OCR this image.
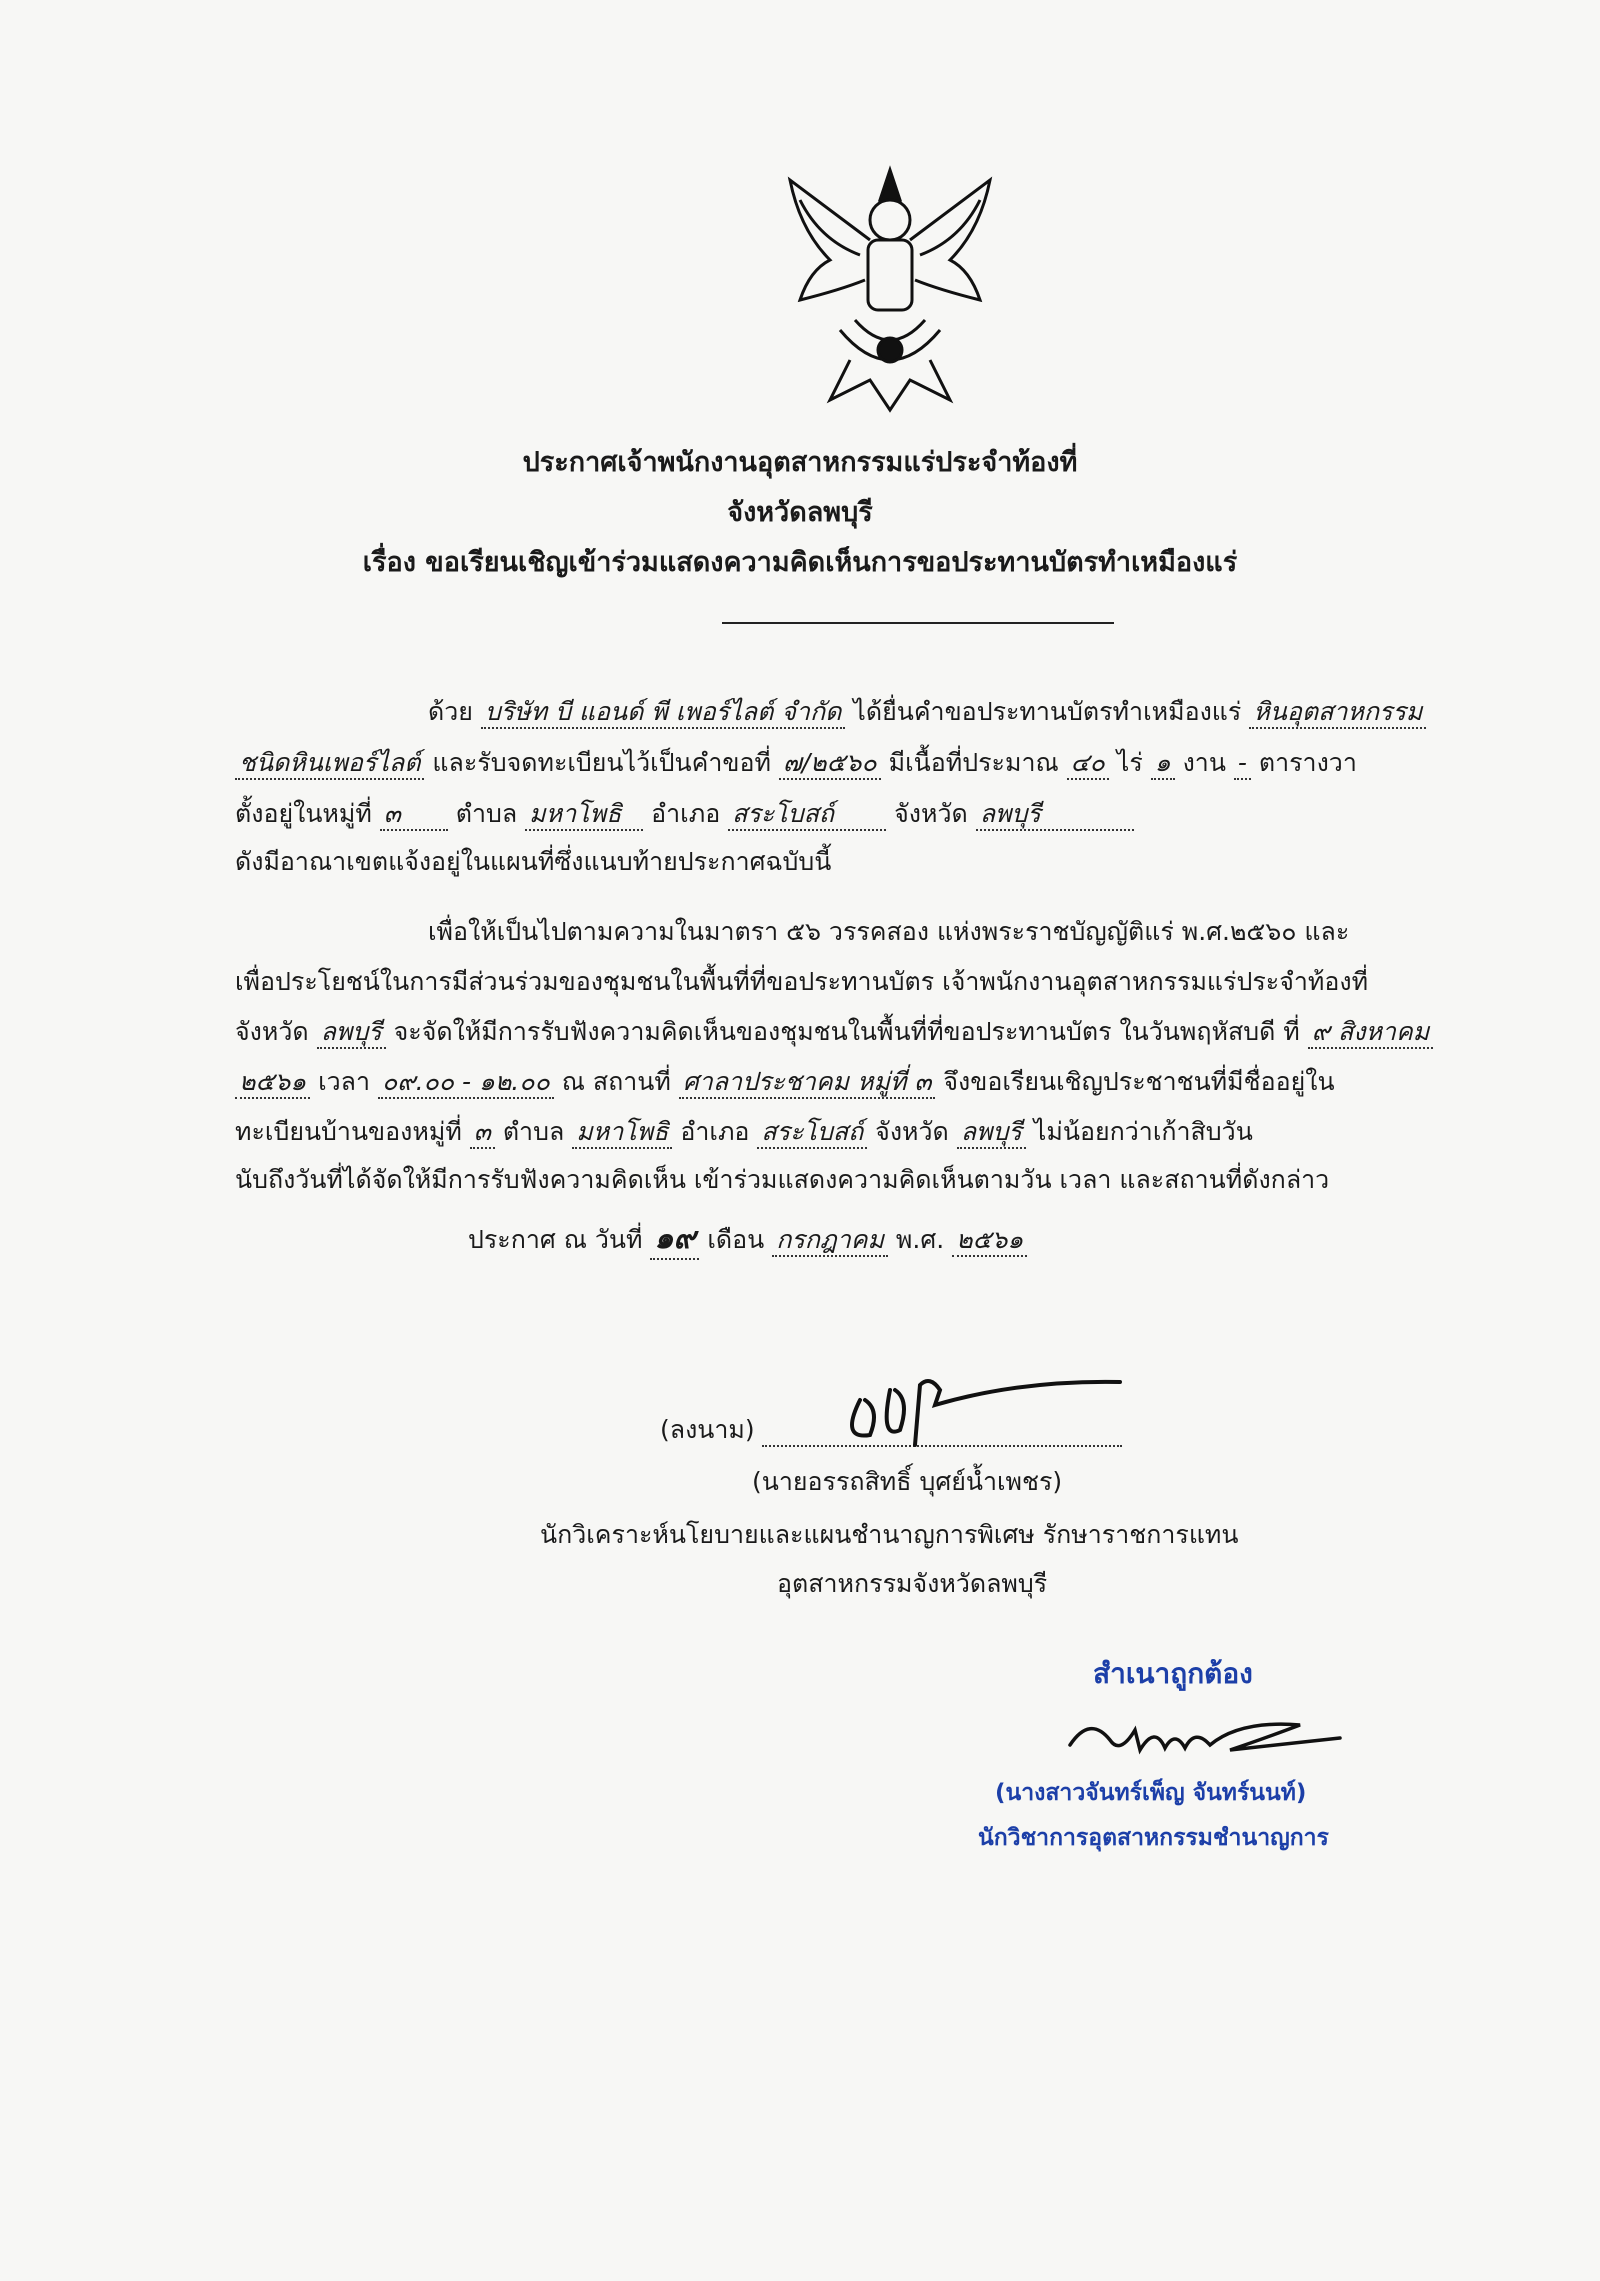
ประกาศเจ้าพนักงานอุตสาหกรรมแร่ประจำท้องที่
จังหวัดลพบุรี
เรื่อง ขอเรียนเชิญเข้าร่วมแสดงความคิดเห็นการขอประทานบัตรทำเหมืองแร่
ด้วย บริษัท บี แอนด์ พี เพอร์ไลต์ จำกัด ได้ยื่นคำขอประทานบัตรทำเหมืองแร่ หินอุตสาหกรรม
ชนิดหินเพอร์ไลต์ และรับจดทะเบียนไว้เป็นคำขอที่ ๗/๒๕๖๐ มีเนื้อที่ประมาณ ๔๐ ไร่ ๑ งาน - ตารางวา
ตั้งอยู่ในหมู่ที่ ๓ ตำบล มหาโพธิ อำเภอ สระโบสถ์ จังหวัด ลพบุรี
ดังมีอาณาเขตแจ้งอยู่ในแผนที่ซึ่งแนบท้ายประกาศฉบับนี้
เพื่อให้เป็นไปตามความในมาตรา ๕๖ วรรคสอง แห่งพระราชบัญญัติแร่ พ.ศ.๒๕๖๐ และ
เพื่อประโยชน์ในการมีส่วนร่วมของชุมชนในพื้นที่ที่ขอประทานบัตร เจ้าพนักงานอุตสาหกรรมแร่ประจำท้องที่
จังหวัด ลพบุรี จะจัดให้มีการรับฟังความคิดเห็นของชุมชนในพื้นที่ที่ขอประทานบัตร ในวันพฤหัสบดี ที่ ๙ สิงหาคม
๒๕๖๑ เวลา ๐๙.๐๐ - ๑๒.๐๐ ณ สถานที่ ศาลาประชาคม หมู่ที่ ๓ จึงขอเรียนเชิญประชาชนที่มีชื่ออยู่ใน
ทะเบียนบ้านของหมู่ที่ ๓ ตำบล มหาโพธิ อำเภอ สระโบสถ์ จังหวัด ลพบุรี ไม่น้อยกว่าเก้าสิบวัน
นับถึงวันที่ได้จัดให้มีการรับฟังความคิดเห็น เข้าร่วมแสดงความคิดเห็นตามวัน เวลา และสถานที่ดังกล่าว
ประกาศ ณ วันที่ ๑๙ เดือน กรกฎาคม พ.ศ. ๒๕๖๑
(ลงนาม)
(นายอรรถสิทธิ์ บุศย์น้ำเพชร)
นักวิเคราะห์นโยบายและแผนชำนาญการพิเศษ รักษาราชการแทน
อุตสาหกรรมจังหวัดลพบุรี
สำเนาถูกต้อง
(นางสาวจันทร์เพ็ญ จันทร์นนท์)
นักวิชาการอุตสาหกรรมชำนาญการ
